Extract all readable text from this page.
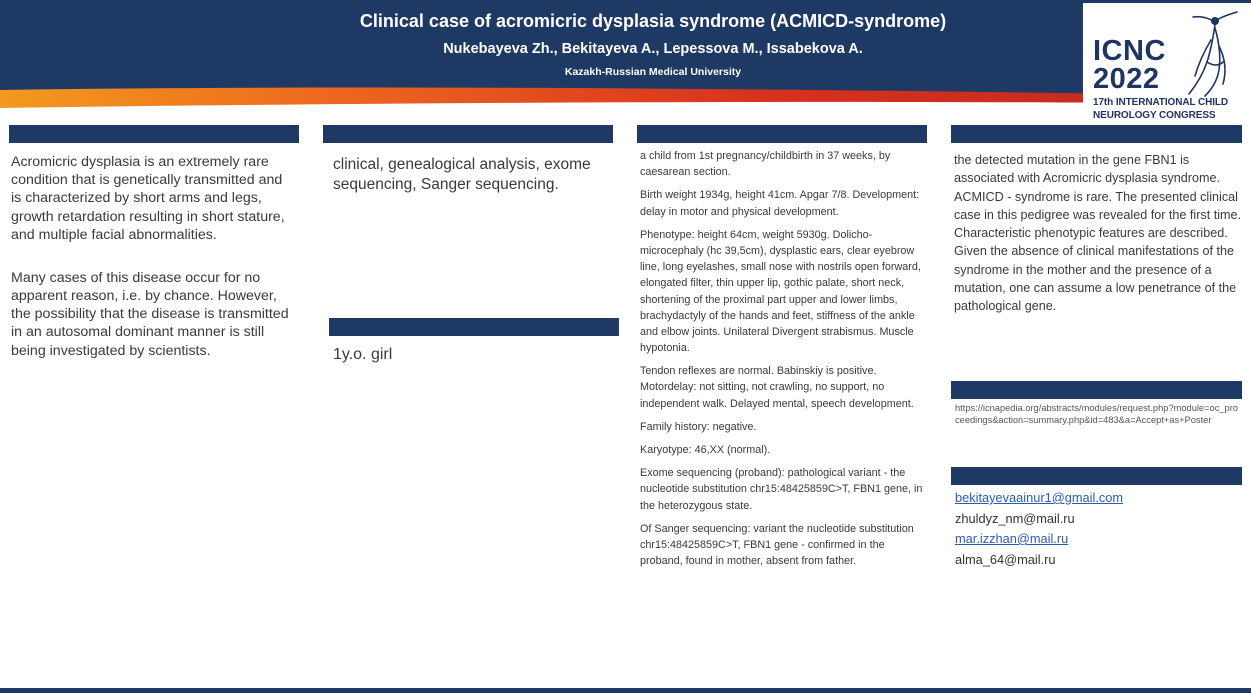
Clinical case of acromicric dysplasia syndrome (ACMICD-syndrome)
Nukebayeva Zh., Bekitayeva A., Lepessova M., Issabekova A.
Kazakh-Russian Medical University
ICNC
2022
17th INTERNATIONAL CHILD
NEUROLOGY CONGRESS

Acromicric dysplasia is an extremely rare condition that is genetically transmitted and is characterized by short arms and legs, growth retardation resulting in short stature, and multiple facial abnormalities.

Many cases of this disease occur for no apparent reason, i.e. by chance. However, the possibility that the disease is transmitted in an autosomal dominant manner is still being investigated by scientists.

clinical, genealogical analysis, exome sequencing, Sanger sequencing.
1y.o. girl

a child from 1st pregnancy/childbirth in 37 weeks, by caesarean section.

Birth weight 1934g, height 41cm. Apgar 7/8. Development: delay in motor and physical development.

Phenotype: height 64cm, weight 5930g. Dolicho-microcephaly (hc 39,5cm), dysplastic ears, clear eyebrow line, long eyelashes, small nose with nostrils open forward, elongated filter, thin upper lip, gothic palate, short neck, shortening of the proximal part upper and lower limbs, brachydactyly of the hands and feet, stiffness of the ankle and elbow joints. Unilateral Divergent strabismus. Muscle hypotonia.

Tendon reflexes are normal. Babinskiy is positive. Motordelay: not sitting, not crawling, no support, no independent walk. Delayed mental, speech development.

Family history: negative.

Karyotype: 46,XX (normal).

Exome sequencing (proband): pathological variant - the nucleotide substitution chr15:48425859C>T, FBN1 gene, in the heterozygous state.

Of Sanger sequencing: variant the nucleotide substitution chr15:48425859C>T, FBN1 gene - confirmed in the proband, found in mother, absent from father.

the detected mutation in the gene FBN1 is associated with Acromicric dysplasia syndrome. ACMICD - syndrome is rare. The presented clinical case in this pedigree was revealed for the first time. Characteristic phenotypic features are described. Given the absence of clinical manifestations of the syndrome in the mother and the presence of a mutation, one can assume a low penetrance of the pathological gene.
https://icnapedia.org/abstracts/modules/request.php?module=oc_proceedings&action=summary.php&id=483&a=Accept+as+Poster
bekitayevaainur1@gmail.com
zhuldyz_nm@mail.ru
mar.izzhan@mail.ru
alma_64@mail.ru
